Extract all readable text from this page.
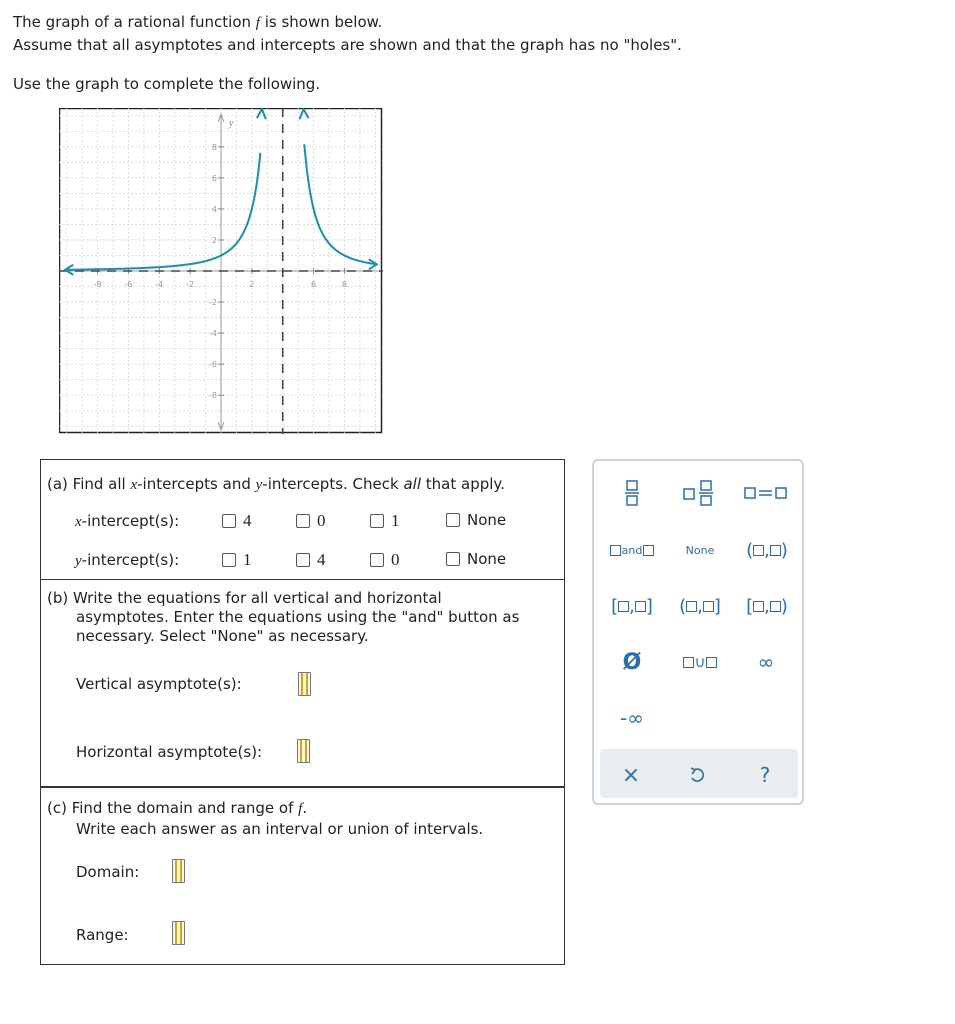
The graph of a rational function f is shown below.
Assume that all asymptotes and intercepts are shown and that the graph has no "holes".
Use the graph to complete the following.
-8	-6	-4	-2	2	6	8
8
6
4
2
-2
-4
-6
-8
y
(a) Find all x-intercepts and y-intercepts. Check all that apply.
x-intercept(s):	4	0	1	None
y-intercept(s):	1	4	0	None
(b) Write the equations for all vertical and horizontal
asymptotes. Enter the equations using the "and" button as
necessary. Select "None" as necessary.
Vertical asymptote(s):
Horizontal asymptote(s):
(c) Find the domain and range of f.
Write each answer as an interval or union of intervals.
Domain:
Range:
and	None ( , )
[ , ] ( , ] [ , )
Ø	∪	∞
-∞
×	?
